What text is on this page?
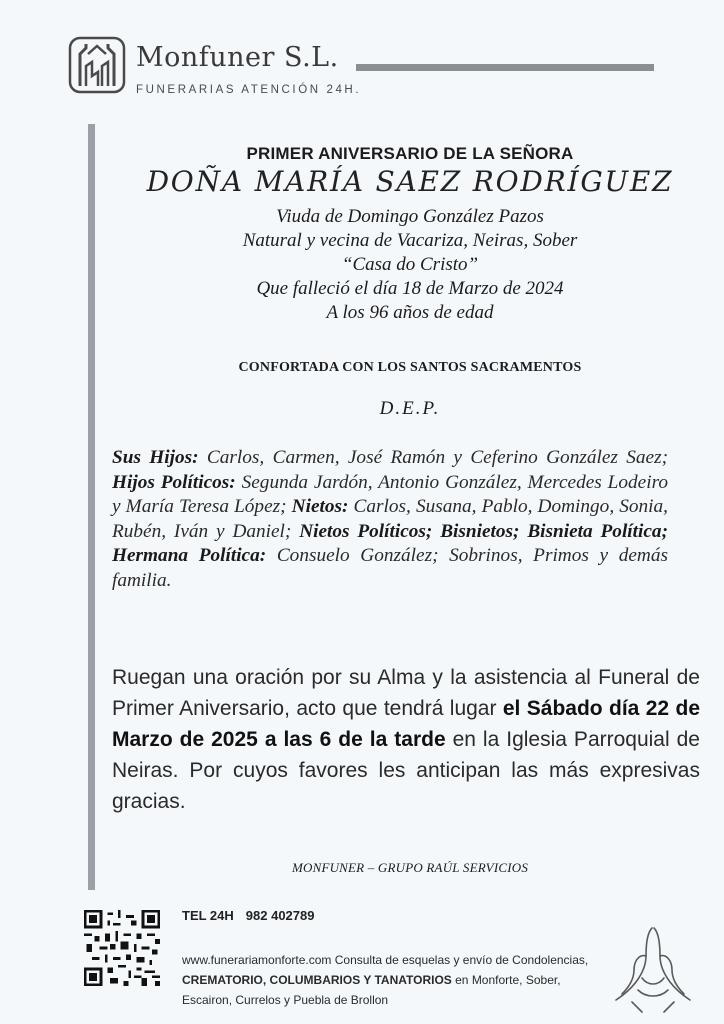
Monfuner S.L.
FUNERARIAS ATENCIÓN 24H.
PRIMER ANIVERSARIO DE LA SEÑORA
DOÑA MARÍA SAEZ RODRÍGUEZ
Viuda de Domingo González Pazos
Natural y vecina de Vacariza, Neiras, Sober
“Casa do Cristo”
Que falleció el día 18 de Marzo de 2024
A los 96 años de edad
CONFORTADA CON LOS SANTOS SACRAMENTOS
D.E.P.
Sus Hijos: Carlos, Carmen, José Ramón y Ceferino González Saez; Hijos Políticos: Segunda Jardón, Antonio González, Mercedes Lodeiro y María Teresa López; Nietos: Carlos, Susana, Pablo, Domingo, Sonia, Rubén, Iván y Daniel; Nietos Políticos; Bisnietos; Bisnieta Política; Hermana Política: Consuelo González; Sobrinos, Primos y demás familia.
Ruegan una oración por su Alma y la asistencia al Funeral de Primer Aniversario, acto que tendrá lugar el Sábado día 22 de Marzo de 2025 a las 6 de la tarde en la Iglesia Parroquial de Neiras. Por cuyos favores les anticipan las más expresivas gracias.
MONFUNER – GRUPO RAÚL SERVICIOS
TEL 24H 982 402789
www.funerariamonforte.com Consulta de esquelas y envío de Condolencias, CREMATORIO, COLUMBARIOS Y TANATORIOS en Monforte, Sober, Escairon, Currelos y Puebla de Brollon
